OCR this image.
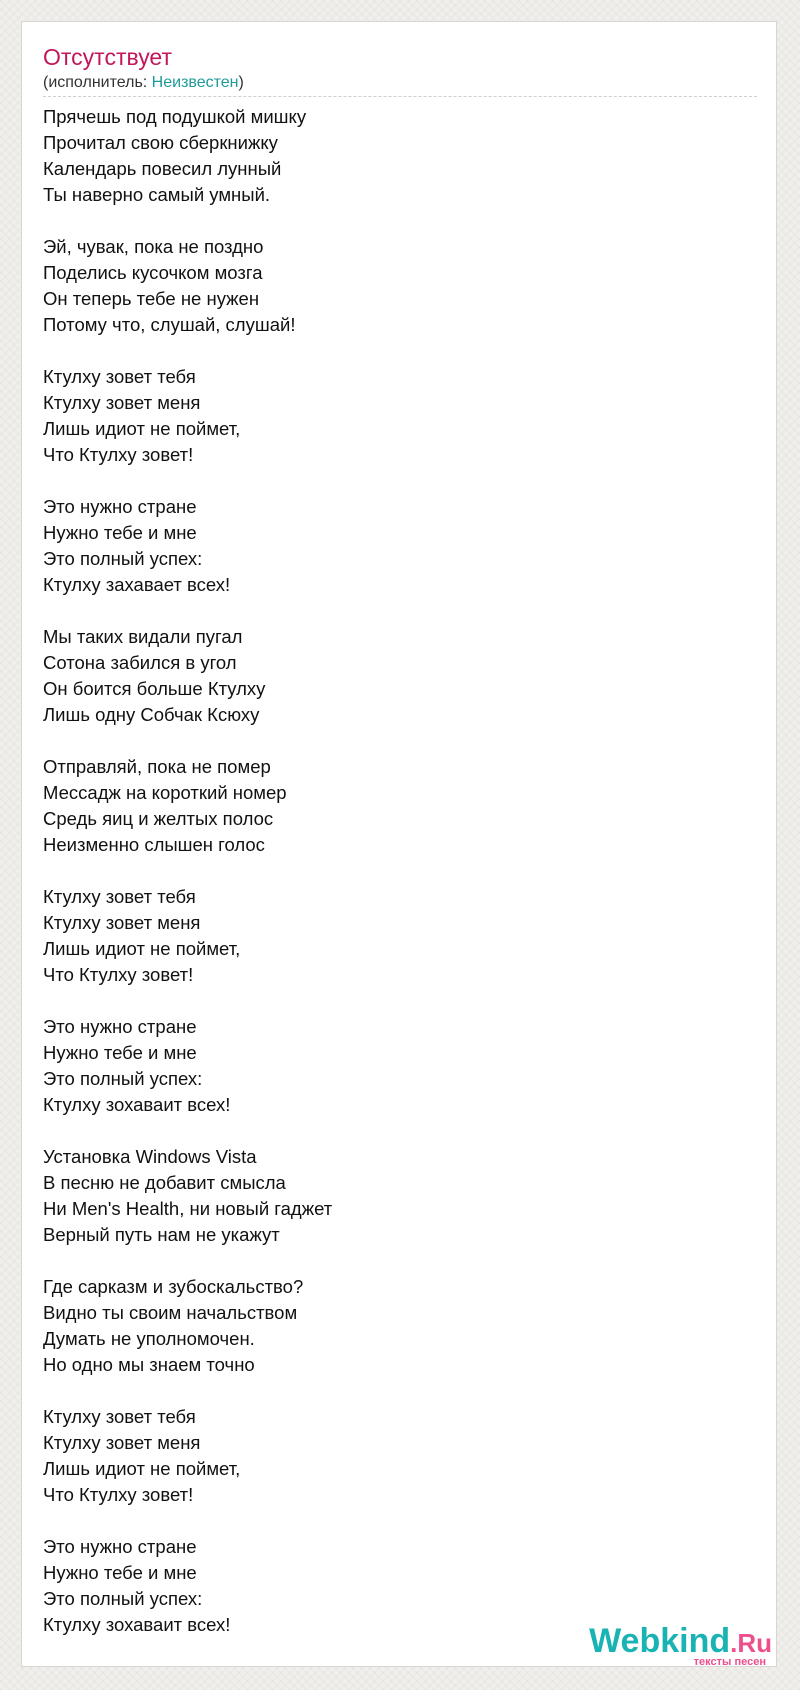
Отсутствует
(исполнитель: Неизвестен)
Прячешь под подушкой мишку
Прочитал свою сберкнижку
Календарь повесил лунный
Ты наверно самый умный.
Эй, чувак, пока не поздно
Поделись кусочком мозга
Он теперь тебе не нужен
Потому что, слушай, слушай!
Ктулху зовет тебя
Ктулху зовет меня
Лишь идиот не поймет,
Что Ктулху зовет!
Это нужно стране
Нужно тебе и мне
Это полный успех:
Ктулху захавает всех!
Мы таких видали пугал
Сотона забился в угол
Он боится больше Ктулху
Лишь одну Собчак Ксюху
Отправляй, пока не помер
Мессадж на короткий номер
Средь яиц и желтых полос
Неизменно слышен голос
Ктулху зовет тебя
Ктулху зовет меня
Лишь идиот не поймет,
Что Ктулху зовет!
Это нужно стране
Нужно тебе и мне
Это полный успех:
Ктулху зохаваит всех!
Установка Windows Vista
В песню не добавит смысла
Ни Men's Health, ни новый гаджет
Верный путь нам не укажут
Где сарказм и зубоскальство?
Видно ты своим начальством
Думать не уполномочен.
Но одно мы знаем точно
Ктулху зовет тебя
Ктулху зовет меня
Лишь идиот не поймет,
Что Ктулху зовет!
Это нужно стране
Нужно тебе и мне
Это полный успех:
Ктулху зохаваит всех!	Webkind.Ru
тексты песен
